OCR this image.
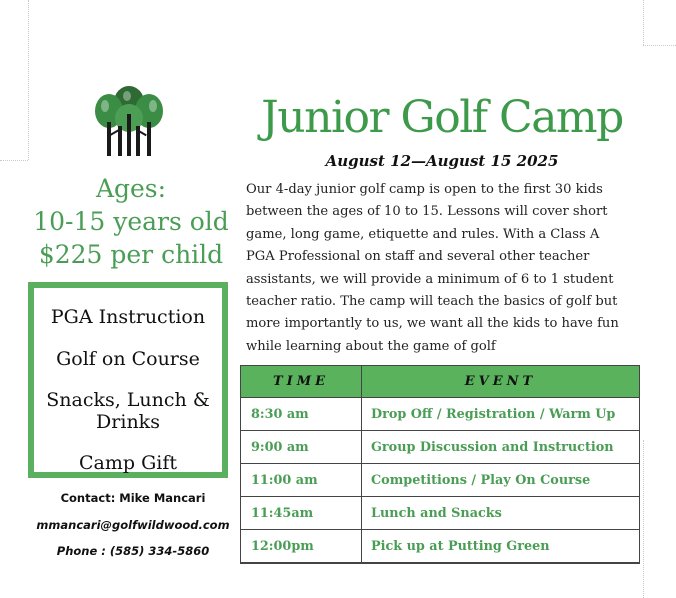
Junior Golf Camp
August 12—August 15 2025
Our 4-day junior golf camp is open to the first 30 kids
between the ages of 10 to 15. Lessons will cover short
game, long game, etiquette and rules. With a Class A
PGA Professional on staff and several other teacher
assistants, we will provide a minimum of 6 to 1 student
teacher ratio. The camp will teach the basics of golf but
more importantly to us, we want all the kids to have fun
while learning about the game of golf
Ages:
10-15 years old
$225 per child
PGA Instruction
Golf on Course
Snacks, Lunch & Drinks
Camp Gift
Contact: Mike Mancari
mmancari@golfwildwood.com
Phone : (585) 334-5860
TIME	EVENT
8:30 am	Drop Off / Registration / Warm Up
9:00 am	Group Discussion and Instruction
11:00 am	Competitions / Play On Course
11:45am	Lunch and Snacks
12:00pm	Pick up at Putting Green
